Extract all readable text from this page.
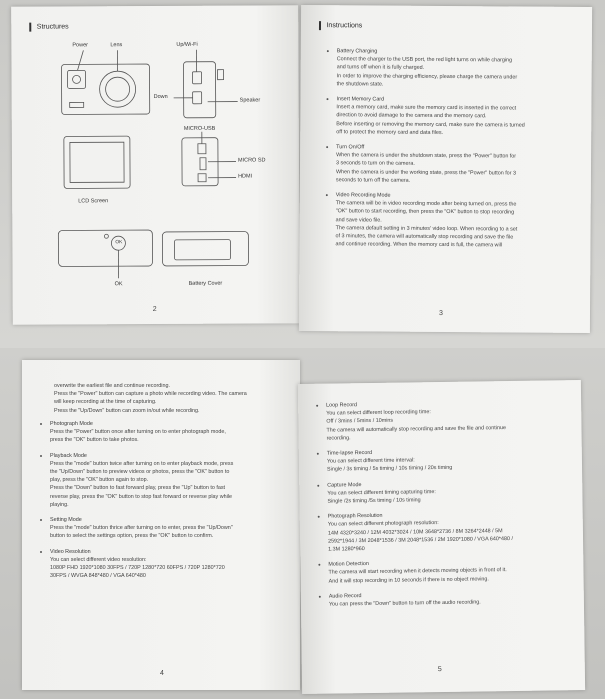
Structures
Power	Lens	Up/Wi-Fi
Down
Speaker
MICRO-USB
MICRO SD
HDMI
LCD Screen
OK
OK	Battery Cover
2
Instructions
Battery Charging
Connect the charger to the USB port, the red light turns on while charging
and turns off when it is fully charged.
In order to improve the charging efficiency, please charge the camera under
the shutdown state.
Insert Memory Card
Insert a memory card, make sure the memory card is inserted in the correct
direction to avoid damage to the camera and the memory card.
Before inserting or removing the memory card, make sure the camera is turned
off to protect the memory card and data files.
Turn On/Off
When the camera is under the shutdown state, press the "Power" button for
3 seconds to turn on the camera.
When the camera is under the working state, press the "Power" button for 3
seconds to turn off the camera.
Video Recording Mode
The camera will be in video recording mode after being turned on, press the
"OK" button to start recording, then press the "OK" button to stop recording
and save video file.
The camera default setting in 3 minutes' video loop. When recording to a set
of 3 minutes, the camera will automatically stop recording and save the file
and continue recording. When the memory card is full, the camera will
3
overwrite the earliest file and continue recording.
Press the "Power" button can capture a photo while recording video. The camera
will keep recording at the time of capturing.
Press the "Up/Down" button can zoom in/out while recording.
Photograph Mode
Press the "Power" button once after turning on to enter photograph mode,
press the "OK" button to take photos.
Playback Mode
Press the "mode" button twice after turning on to enter playback mode, press
the "Up/Down" button to preview videos or photos, press the "OK" button to
play, press the "OK" button again to stop.
Press the "Down" button to fast forward play, press the "Up" button to fast
reverse play, press the "OK" button to stop fast forward or reverse play while
playing.
Setting Mode
Press the "mode" button thrice after turning on to enter, press the "Up/Down"
button to select the settings option, press the "OK" button to confirm.
Video Resolution
You can select different video resolution:
1080P FHD 1920*1080 30FPS / 720P 1280*720 60FPS / 720P 1280*720
30FPS / WVGA 848*480 / VGA 640*480
4
Loop Record
You can select different loop recording time:
Off / 3mins / 5mins / 10mins
The camera will automatically stop recording and save the file and continue
recording.
Time-lapse Record
You can select different time interval:
Single / 3s timing / 5s timing / 10s timing / 20s timing
Capture Mode
You can select different timing capturing time:
Single /2s timing /5s timing / 10s timing
Photograph Resolution
You can select different photograph resolution:
14M 4320*3240 / 12M 4032*3024 / 10M 3648*2736 / 8M 3264*2448 / 5M
2592*1944 / 3M 2048*1536 / 3M 2048*1536 / 2M 1920*1080 / VGA 640*480 /
1.3M 1280*960
Motion Detection
The camera will start recording when it detects moving objects in front of it.
And it will stop recording in 10 seconds if there is no object moving.
Audio Record
You can press the "Down" button to turn off the audio recording.
5
